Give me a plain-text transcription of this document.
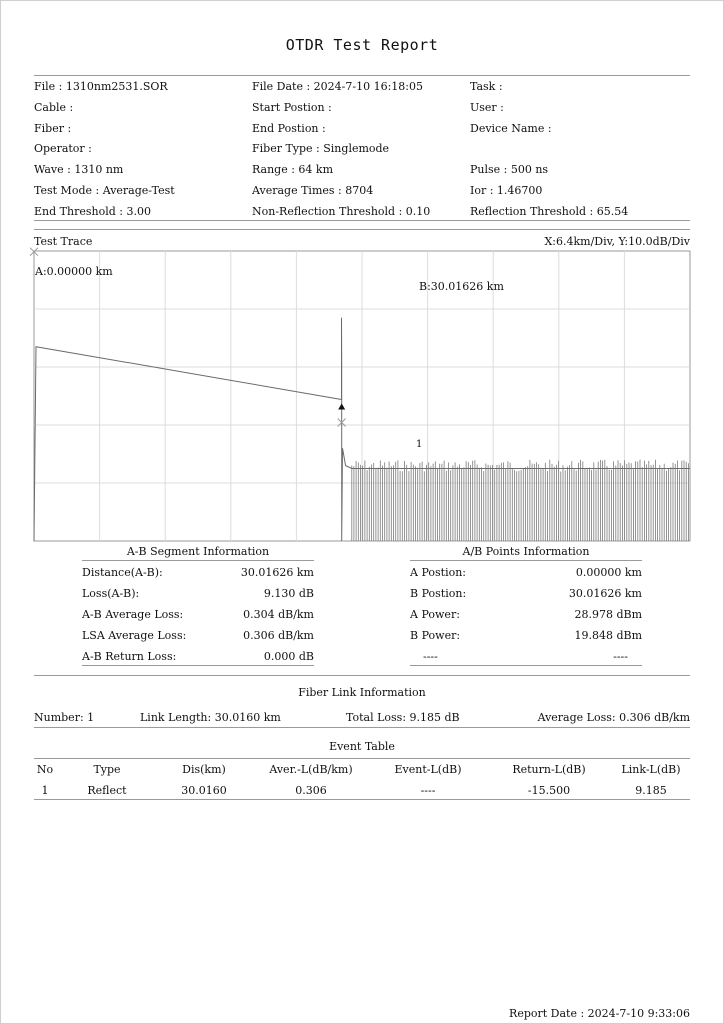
OTDR Test Report
File : 1310nm2531.SOR	File Date : 2024-7-10 16:18:05	Task :
Cable :	Start Postion :	User :
Fiber :	End Postion :	Device Name :
Operator :	Fiber Type : Singlemode
Wave : 1310 nm	Range : 64 km	Pulse : 500 ns
Test Mode : Average-Test	Average Times : 8704	Ior : 1.46700
End Threshold : 3.00	Non-Reflection Threshold : 0.10	Reflection Threshold : 65.54
Test Trace	X:6.4km/Div, Y:10.0dB/Div
A:0.00000 km
B:30.01626 km
1
A-B Segment Information
Distance(A-B):	30.01626 km
Loss(A-B):	9.130 dB
A-B Average Loss:	0.304 dB/km
LSA Average Loss:	0.306 dB/km
A-B Return Loss:	0.000 dB
A/B Points Information
A Postion:	0.00000 km
B Postion:	30.01626 km
A Power:	28.978 dBm
B Power:	19.848 dBm
----	----
Fiber Link Information
Number: 1	Link Length: 30.0160 km	Total Loss: 9.185 dB	Average Loss: 0.306 dB/km
Event Table
No	Type	Dis(km)	Aver.-L(dB/km)	Event-L(dB)	Return-L(dB)	Link-L(dB)
1	Reflect	30.0160	0.306	----	-15.500	9.185
Report Date : 2024-7-10 9:33:06
